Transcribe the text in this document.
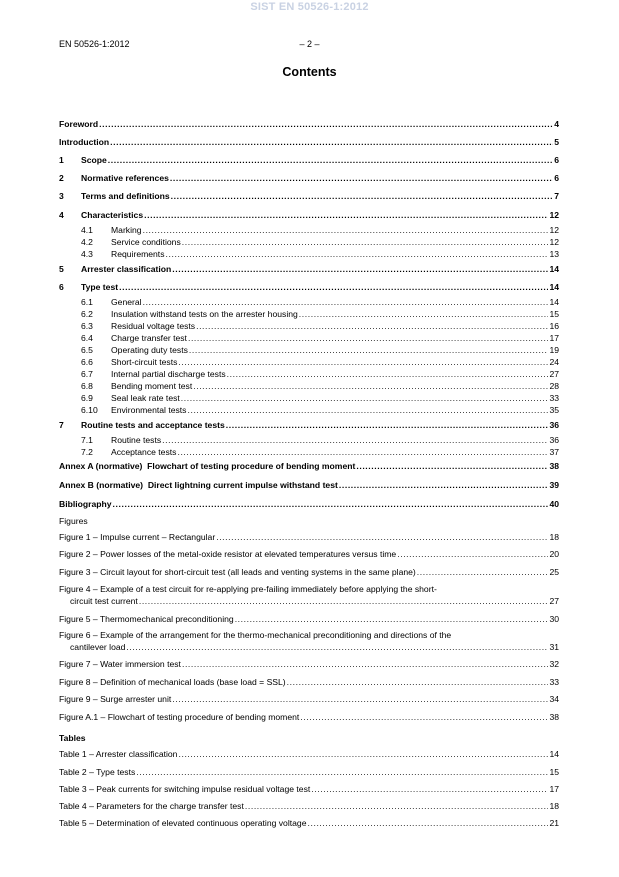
SIST EN 50526-1:2012
EN 50526-1:2012	– 2 –
Contents
Foreword .....	4
Introduction .....	5
1	Scope .....	6
2	Normative references .....	6
3	Terms and definitions .....	7
4	Characteristics .....	12
4.1	Marking .....	12
4.2	Service conditions .....	12
4.3	Requirements .....	13
5	Arrester classification .....	14
6	Type test .....	14
6.1	General .....	14
6.2	Insulation withstand tests on the arrester housing .....	15
6.3	Residual voltage tests .....	16
6.4	Charge transfer test .....	17
6.5	Operating duty tests .....	19
6.6	Short-circuit tests .....	24
6.7	Internal partial discharge tests .....	27
6.8	Bending moment test .....	28
6.9	Seal leak rate test .....	33
6.10	Environmental tests .....	35
7	Routine tests and acceptance tests .....	36
7.1	Routine tests .....	36
7.2	Acceptance tests .....	37
Annex A (normative)  Flowchart of testing procedure of bending moment .....	38
Annex B (normative)  Direct lightning current impulse withstand test .....	39
Bibliography .....	40
Figures
Figure 1 – Impulse current – Rectangular .....	18
Figure 2 – Power losses of the metal-oxide resistor at elevated temperatures versus time .....	20
Figure 3 – Circuit layout for short-circuit test (all leads and venting systems in the same plane) .....	25
Figure 4 – Example of a test circuit for re-applying pre-failing immediately before applying the short-
circuit test current .....	27
Figure 5 – Thermomechanical preconditioning .....	30
Figure 6 – Example of the arrangement for the thermo-mechanical preconditioning and directions of the
cantilever load .....	31
Figure 7 – Water immersion test .....	32
Figure 8 – Definition of mechanical loads (base load = SSL) .....	33
Figure 9 – Surge arrester unit .....	34
Figure A.1 – Flowchart of testing procedure of bending moment .....	38
Tables
Table 1 – Arrester classification .....	14
Table 2 – Type tests .....	15
Table 3 – Peak currents for switching impulse residual voltage test .....	17
Table 4 – Parameters for the charge transfer test .....	18
Table 5 – Determination of elevated continuous operating voltage .....	21
